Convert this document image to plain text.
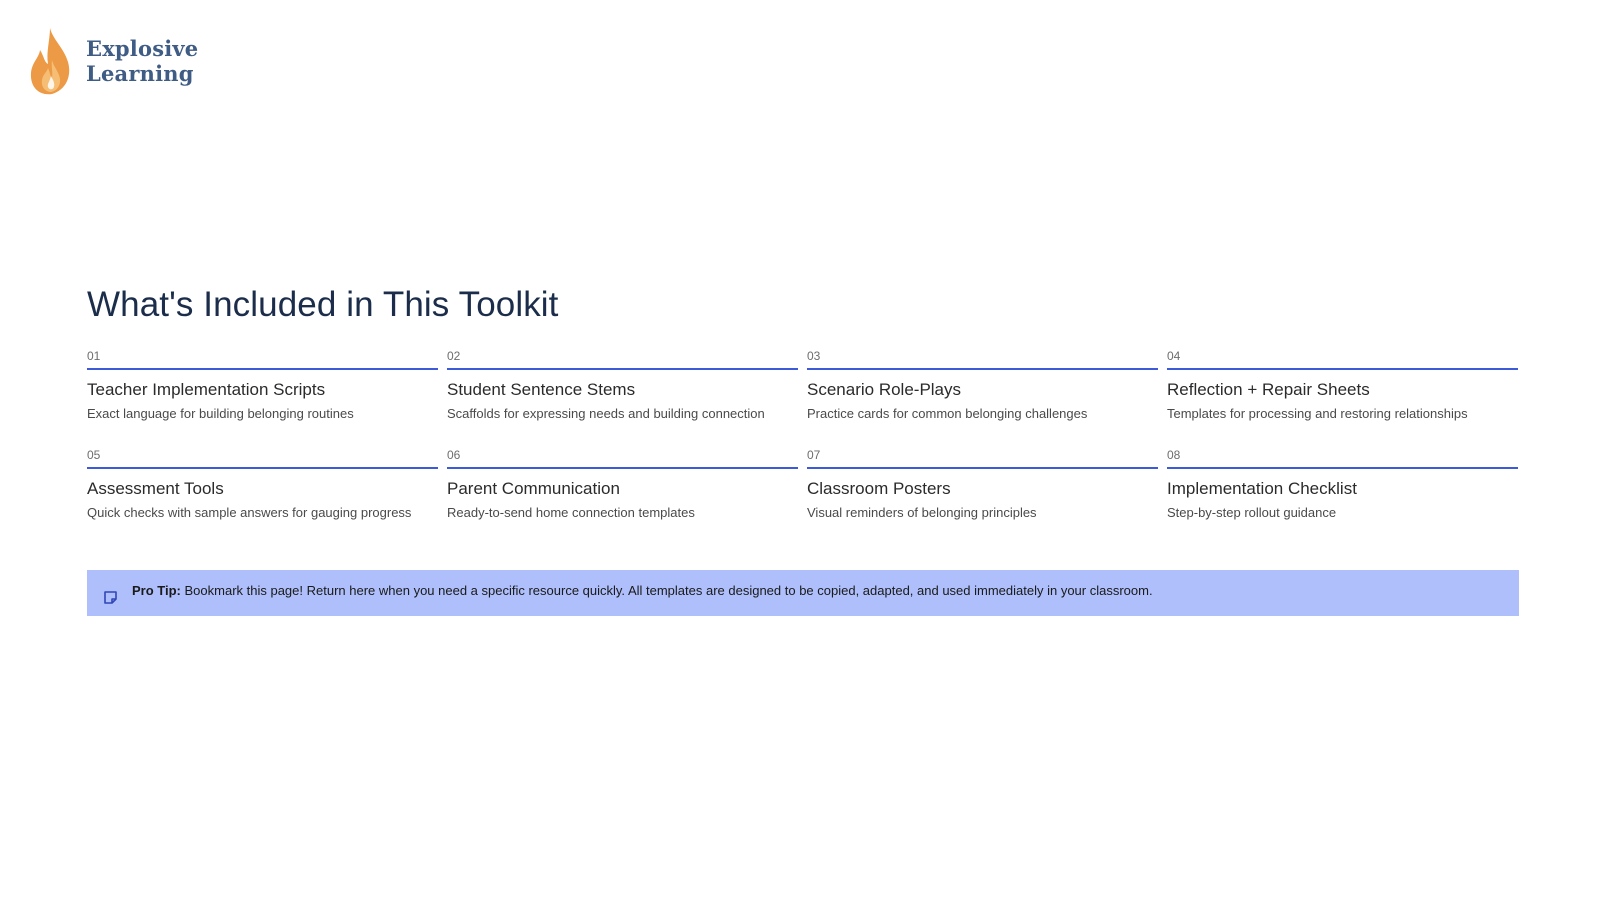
Explosive
Learning
What's Included in This Toolkit
01
Teacher Implementation Scripts
Exact language for building belonging routines
02
Student Sentence Stems
Scaffolds for expressing needs and building connection
03
Scenario Role-Plays
Practice cards for common belonging challenges
04
Reflection + Repair Sheets
Templates for processing and restoring relationships
05
Assessment Tools
Quick checks with sample answers for gauging progress
06
Parent Communication
Ready-to-send home connection templates
07
Classroom Posters
Visual reminders of belonging principles
08
Implementation Checklist
Step-by-step rollout guidance
Pro Tip: Bookmark this page! Return here when you need a specific resource quickly. All templates are designed to be copied, adapted, and used immediately in your classroom.
